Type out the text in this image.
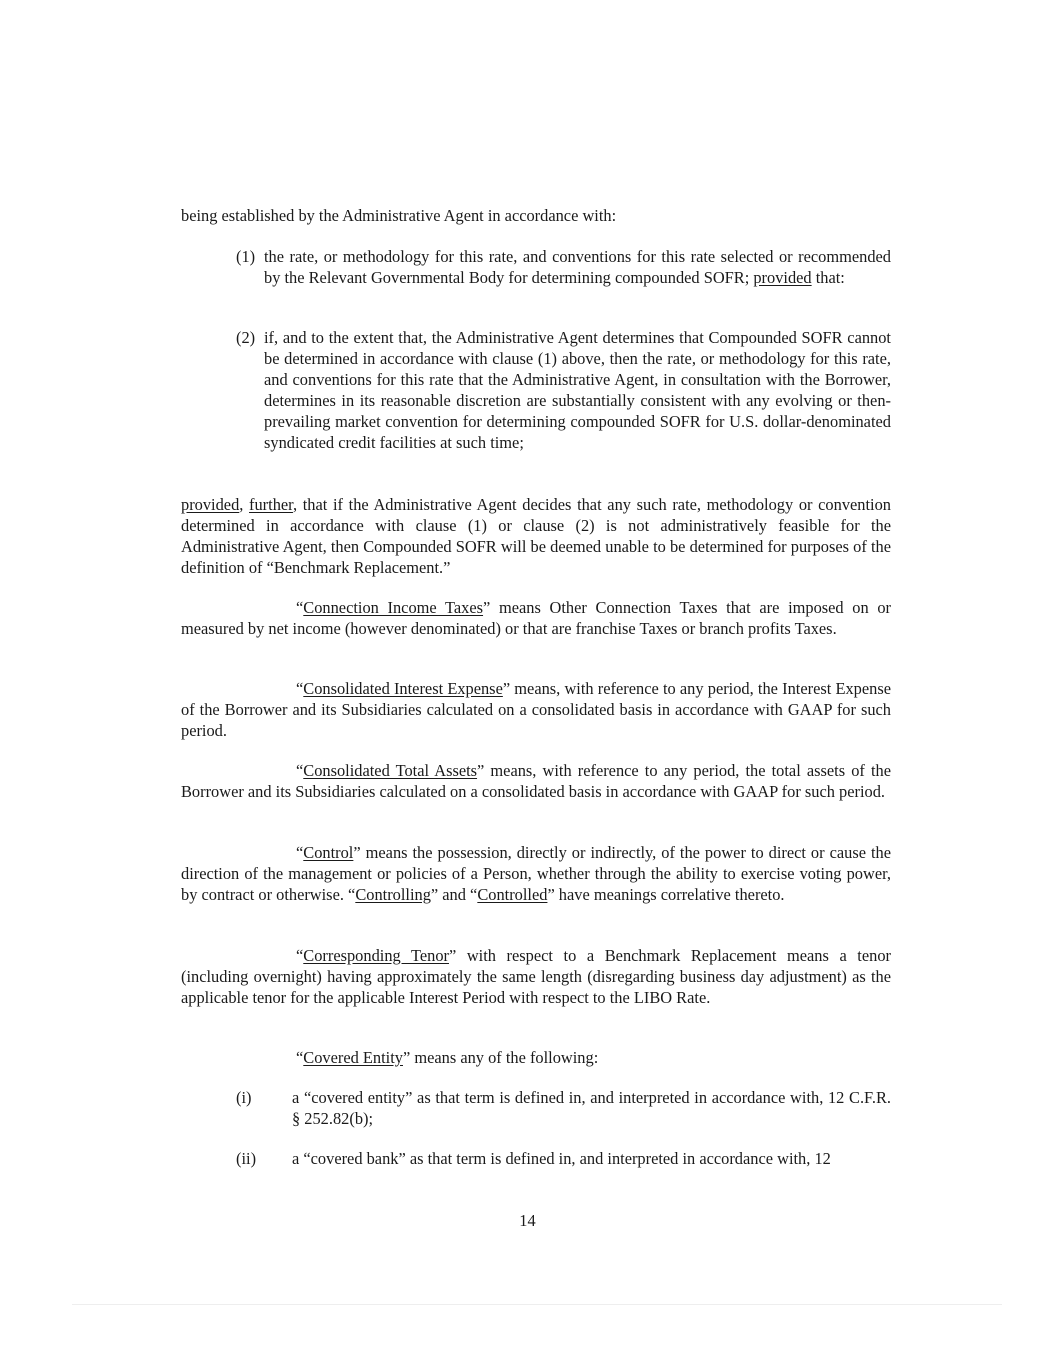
being established by the Administrative Agent in accordance with:

(1) the rate, or methodology for this rate, and conventions for this rate selected or recommended by the Relevant Governmental Body for determining compounded SOFR; provided that:
(2) if, and to the extent that, the Administrative Agent determines that Compounded SOFR cannot be determined in accordance with clause (1) above, then the rate, or methodology for this rate, and conventions for this rate that the Administrative Agent, in consultation with the Borrower, determines in its reasonable discretion are substantially consistent with any evolving or then-prevailing market convention for determining compounded SOFR for U.S. dollar-denominated syndicated credit facilities at such time;

provided, further, that if the Administrative Agent decides that any such rate, methodology or convention determined in accordance with clause (1) or clause (2) is not administratively feasible for the Administrative Agent, then Compounded SOFR will be deemed unable to be determined for purposes of the definition of “Benchmark Replacement.”

“Connection Income Taxes” means Other Connection Taxes that are imposed on or measured by net income (however denominated) or that are franchise Taxes or branch profits Taxes.

“Consolidated Interest Expense” means, with reference to any period, the Interest Expense of the Borrower and its Subsidiaries calculated on a consolidated basis in accordance with GAAP for such period.

“Consolidated Total Assets” means, with reference to any period, the total assets of the Borrower and its Subsidiaries calculated on a consolidated basis in accordance with GAAP for such period.

“Control” means the possession, directly or indirectly, of the power to direct or cause the direction of the management or policies of a Person, whether through the ability to exercise voting power, by contract or otherwise. “Controlling” and “Controlled” have meanings correlative thereto.

“Corresponding Tenor” with respect to a Benchmark Replacement means a tenor (including overnight) having approximately the same length (disregarding business day adjustment) as the applicable tenor for the applicable Interest Period with respect to the LIBO Rate.

“Covered Entity” means any of the following:

(i) a “covered entity” as that term is defined in, and interpreted in accordance with, 12 C.F.R. § 252.82(b);
(ii) a “covered bank” as that term is defined in, and interpreted in accordance with, 12
14
